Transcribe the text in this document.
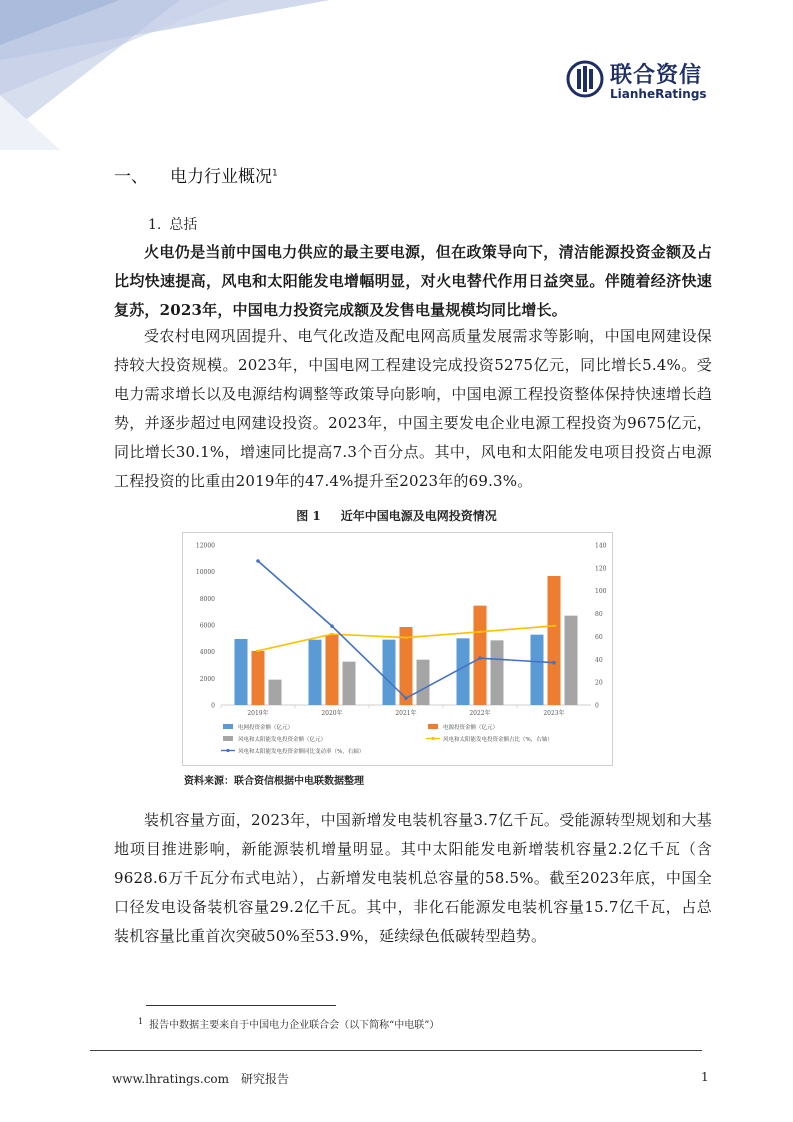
联合资信
LianheRatings
一、 电力行业概况$^1$
1. 总括

火电仍是当前中国电力供应的最主要电源，但在政策导向下，清洁能源投资金额及占比均快速提高，风电和太阳能发电增幅明显，对火电替代作用日益突显。伴随着经济快速复苏，2023年，中国电力投资完成额及发售电量规模均同比增长。

受农村电网巩固提升、电气化改造及配电网高质量发展需求等影响，中国电网建设保持较大投资规模。2023年，中国电网工程建设完成投资5275亿元，同比增长5.4%。受电力需求增长以及电源结构调整等政策导向影响，中国电源工程投资整体保持快速增长趋势，并逐步超过电网建设投资。2023年，中国主要发电企业电源工程投资为9675亿元，同比增长30.1%，增速同比提高7.3个百分点。其中，风电和太阳能发电项目投资占电源工程投资的比重由2019年的47.4%提升至2023年的69.3%。

图 1 近年中国电源及电网投资情况
0
2000
4000
6000
8000
10000
12000
0
20
40
60
80
100
120
140
2019年	2020年	2021年	2022年	2023年
电网投资金额（亿元）	电源投资金额（亿元）
风电和太阳能发电投资金额（亿元）	风电和太阳能发电投资金额占比（%，右轴）
风电和太阳能发电投资金额同比变动率（%，右轴）
资料来源：联合资信根据中电联数据整理

装机容量方面，2023年，中国新增发电装机容量3.7亿千瓦。受能源转型规划和大基地项目推进影响，新能源装机增量明显。其中太阳能发电新增装机容量2.2亿千瓦（含9628.6万千瓦分布式电站），占新增发电装机总容量的58.5%。截至2023年底，中国全口径发电设备装机容量29.2亿千瓦。其中，非化石能源发电装机容量15.7亿千瓦，占总装机容量比重首次突破50%至53.9%，延续绿色低碳转型趋势。

$^1$ 报告中数据主要来自于中国电力企业联合会（以下简称“中电联”）
www.lhratings.com 研究报告	1
